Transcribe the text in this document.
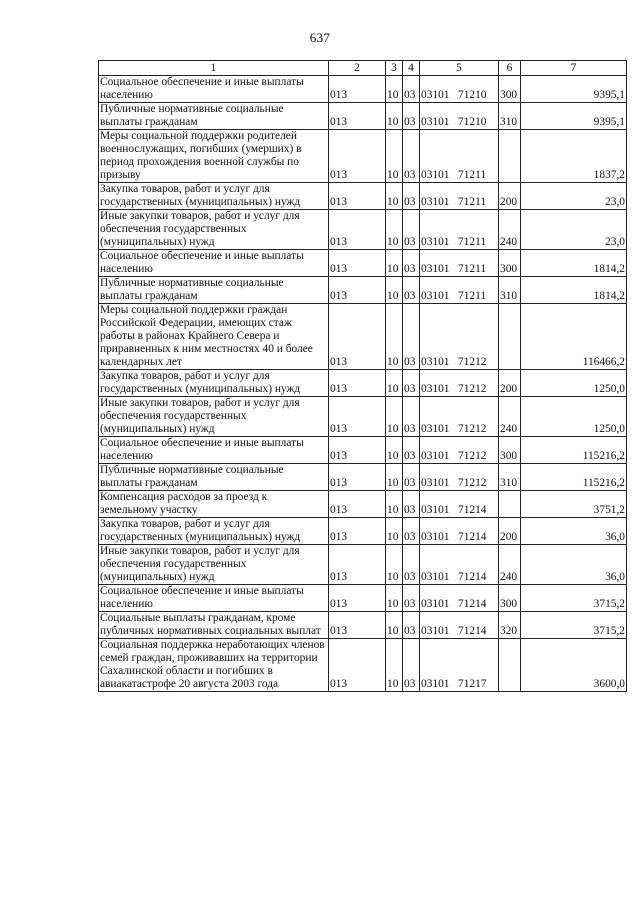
637
1	2	3	4	5	6	7
Социальное обеспечение и иные выплаты населению	013	10	03	03101 71210	300	9395,1
Публичные нормативные социальные выплаты гражданам	013	10	03	03101 71210	310	9395,1
Меры социальной поддержки родителей военнослужащих, погибших (умерших) в период прохождения военной службы по призыву	013	10	03	03101 71211		1837,2
Закупка товаров, работ и услуг для государственных (муниципальных) нужд	013	10	03	03101 71211	200	23,0
Иные закупки товаров, работ и услуг для обеспечения государственных (муниципальных) нужд	013	10	03	03101 71211	240	23,0
Социальное обеспечение и иные выплаты населению	013	10	03	03101 71211	300	1814,2
Публичные нормативные социальные выплаты гражданам	013	10	03	03101 71211	310	1814,2
Меры социальной поддержки граждан Российской Федерации, имеющих стаж работы в районах Крайнего Севера и приравненных к ним местностях 40 и более календарных лет	013	10	03	03101 71212		116466,2
Закупка товаров, работ и услуг для государственных (муниципальных) нужд	013	10	03	03101 71212	200	1250,0
Иные закупки товаров, работ и услуг для обеспечения государственных (муниципальных) нужд	013	10	03	03101 71212	240	1250,0
Социальное обеспечение и иные выплаты населению	013	10	03	03101 71212	300	115216,2
Публичные нормативные социальные выплаты гражданам	013	10	03	03101 71212	310	115216,2
Компенсация расходов за проезд к земельному участку	013	10	03	03101 71214		3751,2
Закупка товаров, работ и услуг для государственных (муниципальных) нужд	013	10	03	03101 71214	200	36,0
Иные закупки товаров, работ и услуг для обеспечения государственных (муниципальных) нужд	013	10	03	03101 71214	240	36,0
Социальное обеспечение и иные выплаты населению	013	10	03	03101 71214	300	3715,2
Социальные выплаты гражданам, кроме публичных нормативных социальных выплат	013	10	03	03101 71214	320	3715,2
Социальная поддержка неработающих членов семей граждан, проживавших на территории Сахалинской области и погибших в авиакатастрофе 20 августа 2003 года	013	10	03	03101 71217		3600,0
